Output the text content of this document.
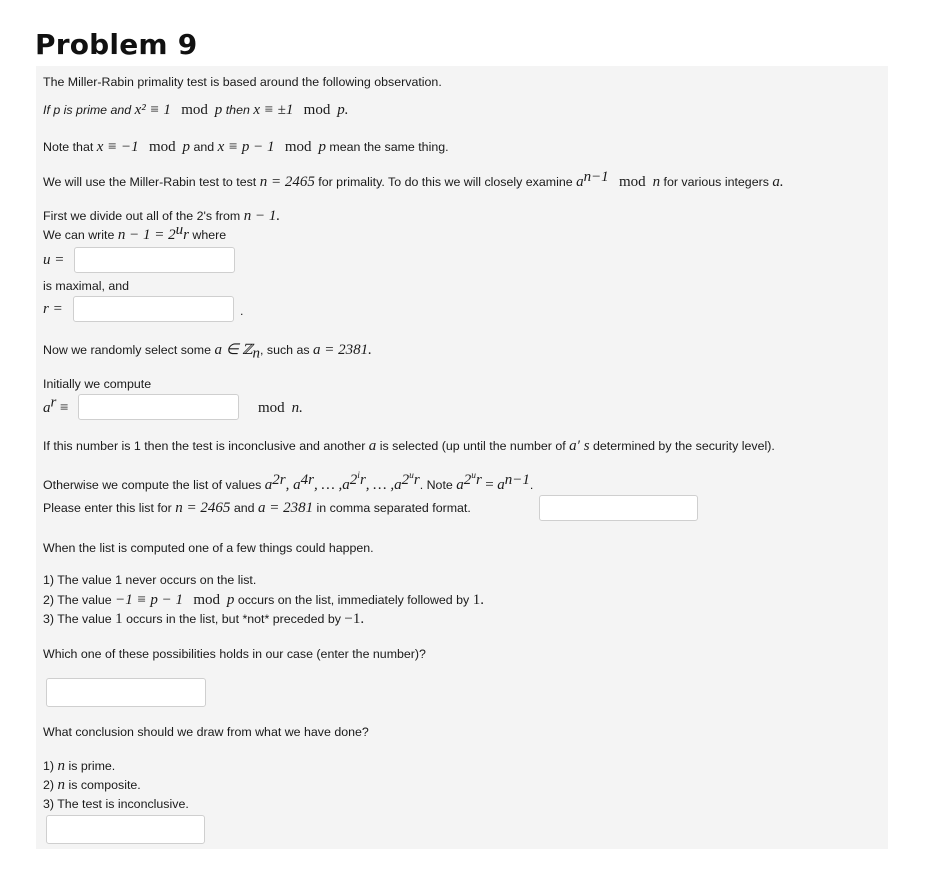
Problem 9
The Miller-Rabin primality test is based around the following observation.
If p is prime and x² ≡ 1 mod p then x ≡ ±1 mod p.
Note that x ≡ −1 mod p and x ≡ p − 1 mod p mean the same thing.
We will use the Miller-Rabin test to test n = 2465 for primality. To do this we will closely examine $a^{n-1}$ mod n for various integers a.
First we divide out all of the 2's from n − 1.
We can write $n - 1 = 2^ur$ where
u =
is maximal, and
r =	.
Now we randomly select some a ∈ ℤ$_n$, such as a = 2381.
Initially we compute
$a^r$ ≡	mod n.
If this number is 1 then the test is inconclusive and another a is selected (up until the number of a′ s determined by the security level).
Otherwise we compute the list of values $a^{2r}$, $a^{4r}$, … $,a^{2^ir}$, … $,a^{2^ur}$. Note $a^{2^ur} = a^{n-1}$.
Please enter this list for n = 2465 and a = 2381 in comma separated format.
When the list is computed one of a few things could happen.
1) The value 1 never occurs on the list.
2) The value −1 ≡ p − 1 mod p occurs on the list, immediately followed by 1.
3) The value 1 occurs in the list, but *not* preceded by −1.
Which one of these possibilities holds in our case (enter the number)?
What conclusion should we draw from what we have done?
1) n is prime.
2) n is composite.
3) The test is inconclusive.
